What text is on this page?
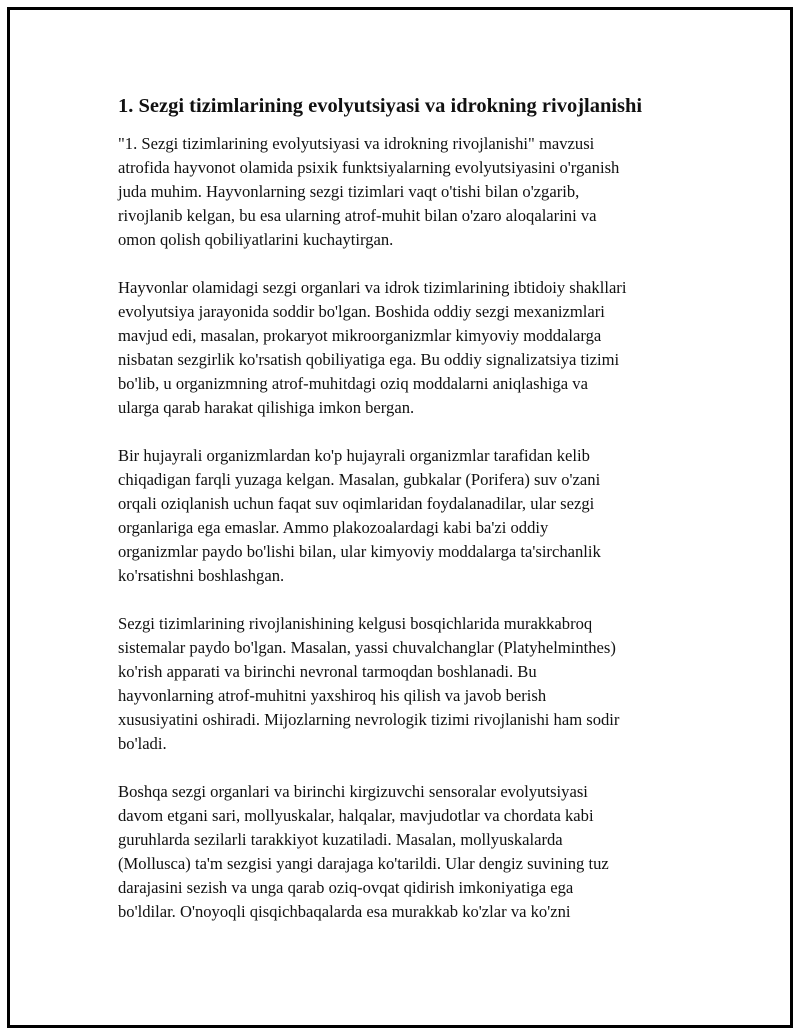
1. Sezgi tizimlarining evolyutsiyasi va idrokning rivojlanishi

"1. Sezgi tizimlarining evolyutsiyasi va idrokning rivojlanishi" mavzusi
atrofida hayvonot olamida psixik funktsiyalarning evolyutsiyasini o'rganish
juda muhim. Hayvonlarning sezgi tizimlari vaqt o'tishi bilan o'zgarib,
rivojlanib kelgan, bu esa ularning atrof-muhit bilan o'zaro aloqalarini va
omon qolish qobiliyatlarini kuchaytirgan.

Hayvonlar olamidagi sezgi organlari va idrok tizimlarining ibtidoiy shakllari
evolyutsiya jarayonida soddir bo'lgan. Boshida oddiy sezgi mexanizmlari
mavjud edi, masalan, prokaryot mikroorganizmlar kimyoviy moddalarga
nisbatan sezgirlik ko'rsatish qobiliyatiga ega. Bu oddiy signalizatsiya tizimi
bo'lib, u organizmning atrof-muhitdagi oziq moddalarni aniqlashiga va
ularga qarab harakat qilishiga imkon bergan.

Bir hujayrali organizmlardan ko'p hujayrali organizmlar tarafidan kelib
chiqadigan farqli yuzaga kelgan. Masalan, gubkalar (Porifera) suv o'zani
orqali oziqlanish uchun faqat suv oqimlaridan foydalanadilar, ular sezgi
organlariga ega emaslar. Ammo plakozoalardagi kabi ba'zi oddiy
organizmlar paydo bo'lishi bilan, ular kimyoviy moddalarga ta'sirchanlik
ko'rsatishni boshlashgan.

Sezgi tizimlarining rivojlanishining kelgusi bosqichlarida murakkabroq
sistemalar paydo bo'lgan. Masalan, yassi chuvalchanglar (Platyhelminthes)
ko'rish apparati va birinchi nevronal tarmoqdan boshlanadi. Bu
hayvonlarning atrof-muhitni yaxshiroq his qilish va javob berish
xususiyatini oshiradi. Mijozlarning nevrologik tizimi rivojlanishi ham sodir
bo'ladi.

Boshqa sezgi organlari va birinchi kirgizuvchi sensoralar evolyutsiyasi
davom etgani sari, mollyuskalar, halqalar, mavjudotlar va chordata kabi
guruhlarda sezilarli tarakkiyot kuzatiladi. Masalan, mollyuskalarda
(Mollusca) ta'm sezgisi yangi darajaga ko'tarildi. Ular dengiz suvining tuz
darajasini sezish va unga qarab oziq-ovqat qidirish imkoniyatiga ega
bo'ldilar. O'noyoqli qisqichbaqalarda esa murakkab ko'zlar va ko'zni
